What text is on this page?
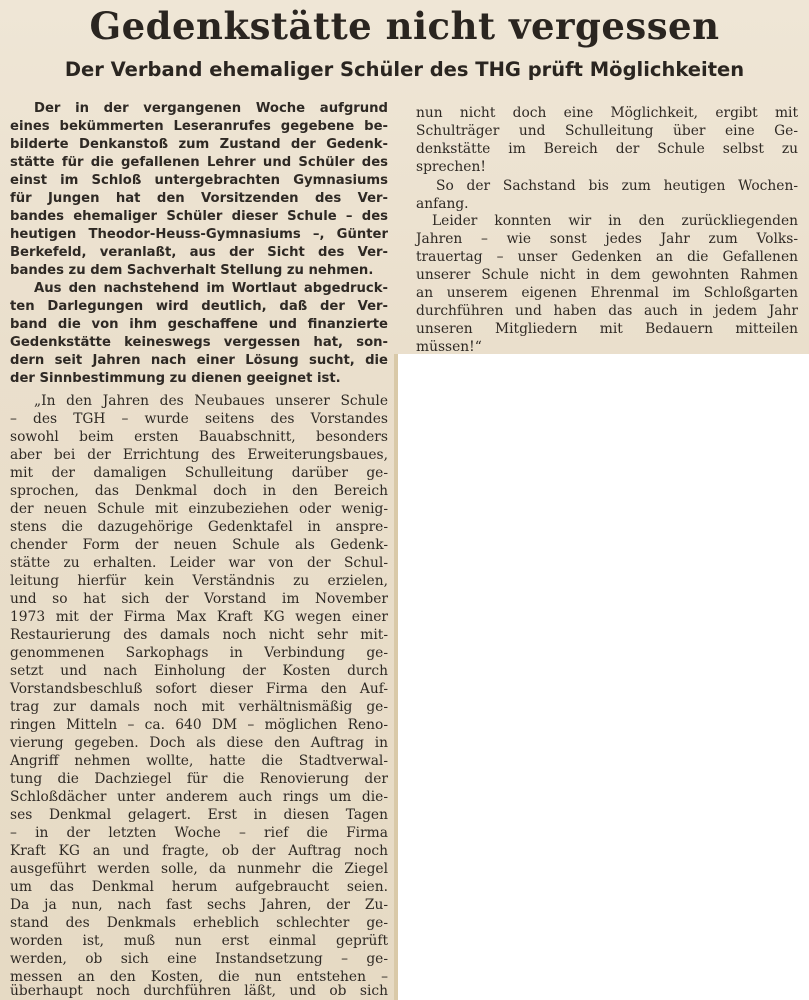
Gedenkstätte nicht vergessen
Der Verband ehemaliger Schüler des THG prüft Möglichkeiten
Der in der vergangenen Woche aufgrund
eines bekümmerten Leseranrufes gegebene be-
bilderte Denkanstoß zum Zustand der Gedenk-
stätte für die gefallenen Lehrer und Schüler des
einst im Schloß untergebrachten Gymnasiums
für Jungen hat den Vorsitzenden des Ver-
bandes ehemaliger Schüler dieser Schule – des
heutigen Theodor-Heuss-Gymnasiums –, Günter
Berkefeld, veranlaßt, aus der Sicht des Ver-
bandes zu dem Sachverhalt Stellung zu nehmen.
Aus den nachstehend im Wortlaut abgedruck-
ten Darlegungen wird deutlich, daß der Ver-
band die von ihm geschaffene und finanzierte
Gedenkstätte keineswegs vergessen hat, son-
dern seit Jahren nach einer Lösung sucht, die
der Sinnbestimmung zu dienen geeignet ist.
„In den Jahren des Neubaues unserer Schule
– des TGH – wurde seitens des Vorstandes
sowohl beim ersten Bauabschnitt, besonders
aber bei der Errichtung des Erweiterungsbaues,
mit der damaligen Schulleitung darüber ge-
sprochen, das Denkmal doch in den Bereich
der neuen Schule mit einzubeziehen oder wenig-
stens die dazugehörige Gedenktafel in anspre-
chender Form der neuen Schule als Gedenk-
stätte zu erhalten. Leider war von der Schul-
leitung hierfür kein Verständnis zu erzielen,
und so hat sich der Vorstand im November
1973 mit der Firma Max Kraft KG wegen einer
Restaurierung des damals noch nicht sehr mit-
genommenen Sarkophags in Verbindung ge-
setzt und nach Einholung der Kosten durch
Vorstandsbeschluß sofort dieser Firma den Auf-
trag zur damals noch mit verhältnismäßig ge-
ringen Mitteln – ca. 640 DM – möglichen Reno-
vierung gegeben. Doch als diese den Auftrag in
Angriff nehmen wollte, hatte die Stadtverwal-
tung die Dachziegel für die Renovierung der
Schloßdächer unter anderem auch rings um die-
ses Denkmal gelagert. Erst in diesen Tagen
– in der letzten Woche – rief die Firma
Kraft KG an und fragte, ob der Auftrag noch
ausgeführt werden solle, da nunmehr die Ziegel
um das Denkmal herum aufgebraucht seien.
Da ja nun, nach fast sechs Jahren, der Zu-
stand des Denkmals erheblich schlechter ge-
worden ist, muß nun erst einmal geprüft
werden, ob sich eine Instandsetzung – ge-
messen an den Kosten, die nun entstehen –
überhaupt noch durchführen läßt, und ob sich
nun nicht doch eine Möglichkeit, ergibt mit
Schulträger und Schulleitung über eine Ge-
denkstätte im Bereich der Schule selbst zu
sprechen!
So der Sachstand bis zum heutigen Wochen-
anfang.
Leider konnten wir in den zurückliegenden
Jahren – wie sonst jedes Jahr zum Volks-
trauertag – unser Gedenken an die Gefallenen
unserer Schule nicht in dem gewohnten Rahmen
an unserem eigenen Ehrenmal im Schloßgarten
durchführen und haben das auch in jedem Jahr
unseren Mitgliedern mit Bedauern mitteilen
müssen!“
